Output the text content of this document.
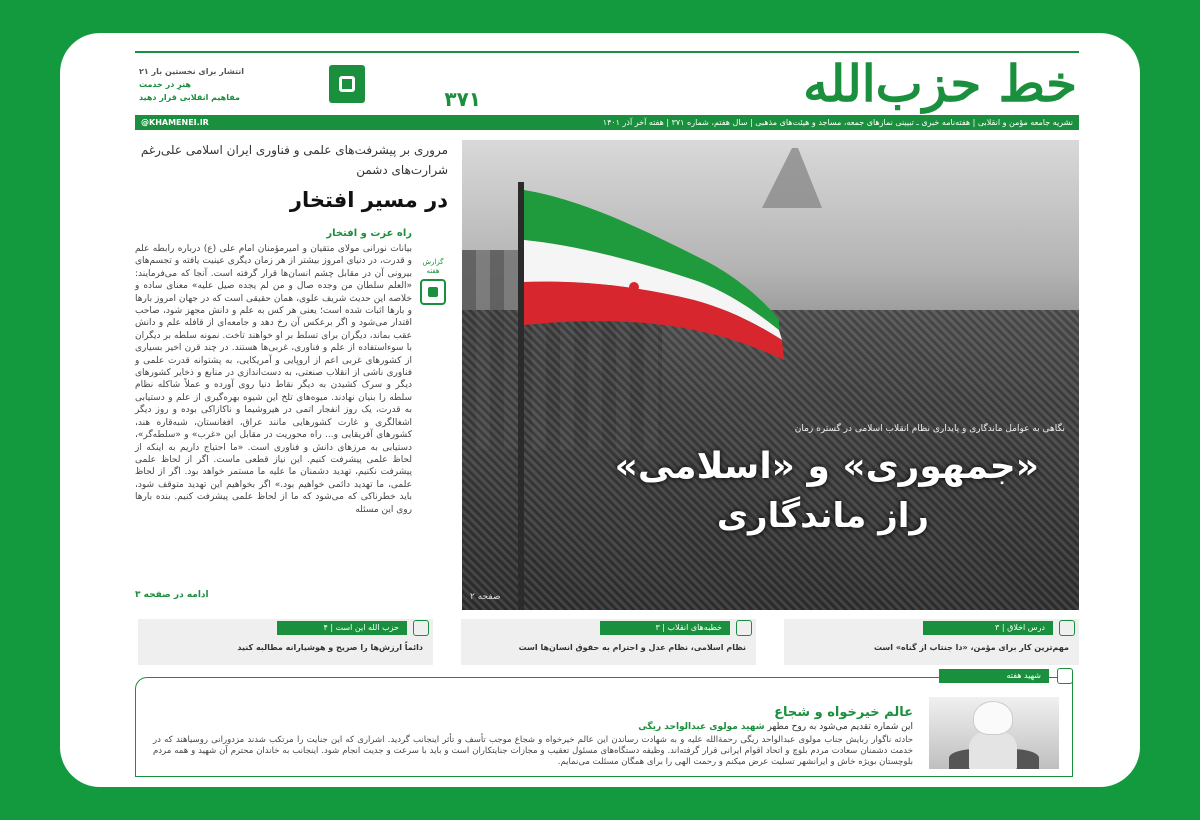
خط حزب‌الله
۳۷۱
انتشار برای نخستین بار ۲۱
هنرِ در خدمت
مفاهیم انقلابی قرار دهید
نشریه جامعه مؤمن و انقلابی | هفته‌نامه خبری ـ تبیینی نمازهای جمعه، مساجد و هیئت‌های مذهبی | سال هفتم، شماره ۳۷۱ | هفته آخر آذر ۱۴۰۱
@KHAMENEI.IR
مروری بر پیشرفت‌های علمی و فناوری ایران اسلامی علی‌رغم شرارت‌های دشمن
در مسیر افتخار
گزارش هفته
راه عزت و افتخار
بیانات نورانی مولای متقیان و امیرمؤمنان امام علی (ع) درباره رابطه علم و قدرت، در دنیای امروز بیشتر از هر زمان دیگری عینیت یافته و تجسم‌های بیرونی آن در مقابل چشم انسان‌ها قرار گرفته است. آنجا که می‌فرمایند: «العلم سلطان من وجده صال و من لم یجده صیل علیه» معنای ساده و خلاصه این حدیث شریف علوی، همان حقیقی است که در جهان امروز بارها و بارها اثبات شده است؛ یعنی هر کس به علم و دانش مجهز شود، صاحب اقتدار می‌شود و اگر برعکس آن رخ دهد و جامعه‌ای از قافله علم و دانش عقب بماند، دیگران برای تسلط بر او خواهند تاخت. نمونه سلطه بر دیگران با سوءاستفاده از علم و فناوری، غربی‌ها هستند. در چند قرن اخیر بسیاری از کشورهای غربی اعم از اروپایی و آمریکایی، به پشتوانه قدرت علمی و فناوری ناشی از انقلاب صنعتی، به دست‌اندازی در منابع و ذخایر کشورهای دیگر و سرک کشیدن به دیگر نقاط دنیا روی آورده و عملاً شاکله نظام سلطه را بنیان نهادند. میوه‌های تلخ این شیوه بهره‌گیری از علم و دستیابی به قدرت، یک روز انفجار اتمی در هیروشیما و ناکازاکی بوده و روز دیگر اشغالگری و غارت کشورهایی مانند عراق، افغانستان، شبه‌قاره هند، کشورهای آفریقایی و... راه محوریت در مقابل این «غرب» و «سلطه‌گر»، دستیابی به مرزهای دانش و فناوری است. «ما احتیاج داریم به اینکه از لحاظ علمی پیشرفت کنیم. این نیاز قطعی ماست. اگر از لحاظ علمی پیشرفت نکنیم، تهدید دشمنان ما علیه ما مستمر خواهد بود. اگر از لحاظ علمی، ما تهدید دائمی خواهیم بود.» اگر بخواهیم این تهدید متوقف شود، باید خطرناکی که می‌شود که ما از لحاظ علمی پیشرفت کنیم. بنده بارها روی این مسئله
ادامه در صفحه ۳
نگاهی به عوامل ماندگاری و پایداری نظام انقلاب اسلامی در گستره زمان
«جمهوری» و «اسلامی»
راز ماندگاری
صفحه ۲
درس اخلاق | ۳
مهم‌ترین کار برای مؤمن، «دا جنتاب از گناه» است
خطبه‌های انقلاب | ۳
نظام اسلامی، نظام عدل و احترام به حقوق انسان‌ها است
حزب الله این است | ۴
دائماً ارزش‌ها را صریح و هوشیارانه مطالبه کنید
شهید هفته
عالم خیرخواه و شجاع
این شماره تقدیم می‌شود به روح مطهر شهید مولوی عبدالواحد ریگی
حادثه ناگوار ربایش جناب مولوی عبدالواحد ریگی رحمةالله علیه و به شهادت رساندن این عالم خیرخواه و شجاع موجب تأسف و تأثر اینجانب گردید. اشراری که این جنایت را مرتکب شدند مزدورانی روسیاهند که در خدمت دشمنان سعادت مردم بلوچ و اتحاد اقوام ایرانی قرار گرفته‌اند. وظیفه دستگاه‌های مسئول تعقیب و مجازات جنایتکاران است و باید با سرعت و جدیت انجام شود. اینجانب به خاندان محترم آن شهید و همه مردم بلوچستان بویژه خاش و ایرانشهر تسلیت عرض میکنم و رحمت الهی را برای همگان مسئلت می‌نمایم.
